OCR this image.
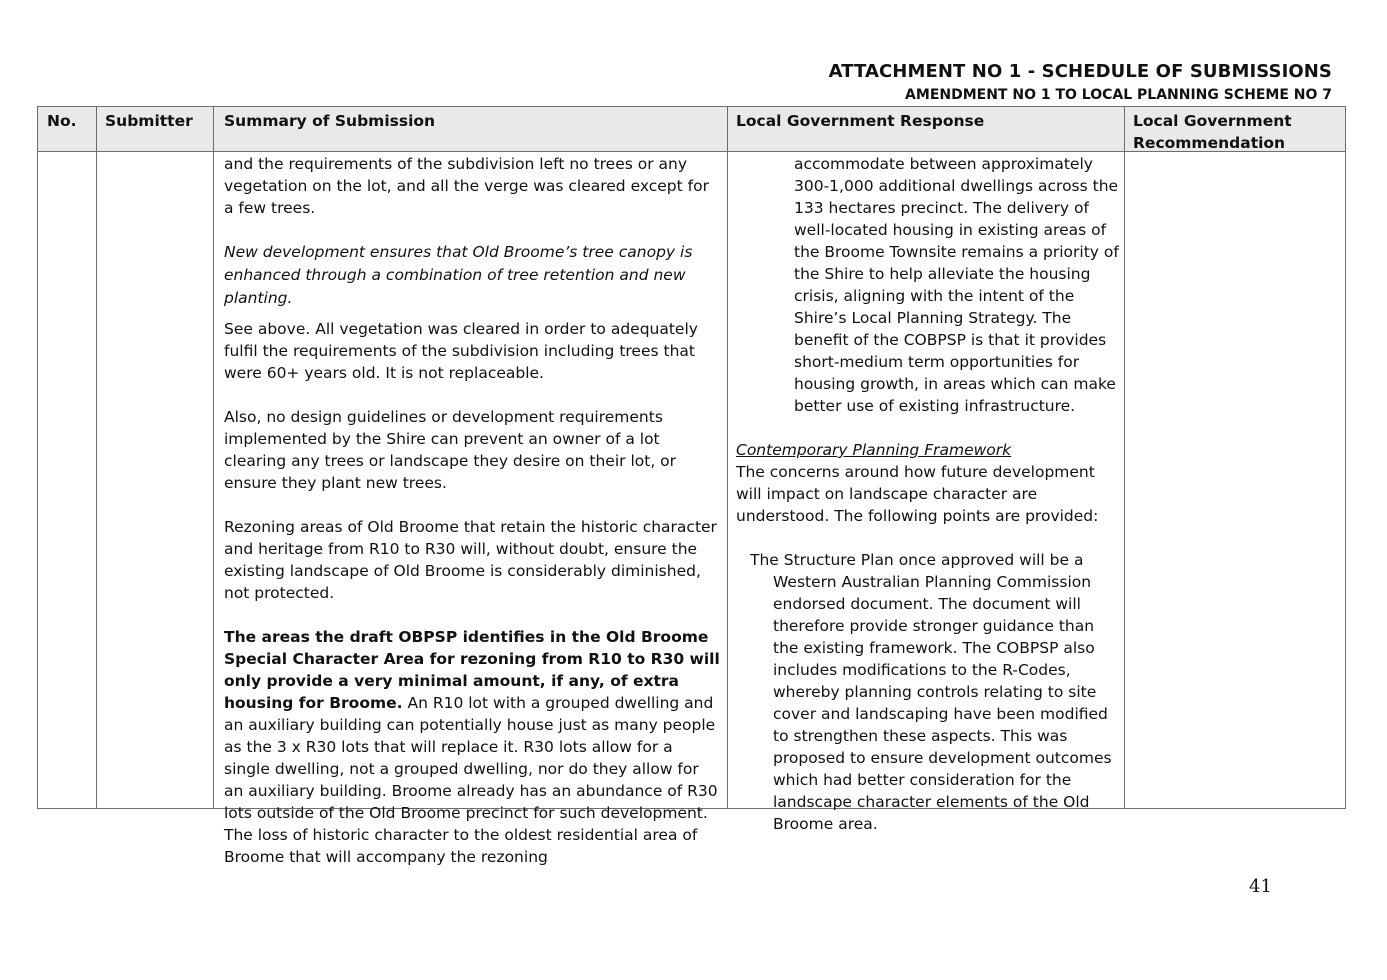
ATTACHMENT NO 1 - SCHEDULE OF SUBMISSIONS
AMENDMENT NO 1 TO LOCAL PLANNING SCHEME NO 7
No. Submitter Summary of Submission	Local Government Response	Local Government Recommendation

and the requirements of the subdivision left no trees or any vegetation on the lot, and all the verge was cleared except for a few trees.

New development ensures that Old Broome’s tree canopy is enhanced through a combination of tree retention and new planting.

See above. All vegetation was cleared in order to adequately fulfil the requirements of the subdivision including trees that were 60+ years old. It is not replaceable.

Also, no design guidelines or development requirements implemented by the Shire can prevent an owner of a lot clearing any trees or landscape they desire on their lot, or ensure they plant new trees.

Rezoning areas of Old Broome that retain the historic character and heritage from R10 to R30 will, without doubt, ensure the existing landscape of Old Broome is considerably diminished, not protected.

The areas the draft OBPSP identifies in the Old Broome Special Character Area for rezoning from R10 to R30 will only provide a very minimal amount, if any, of extra housing for Broome. An R10 lot with a grouped dwelling and an auxiliary building can potentially house just as many people as the 3 x R30 lots that will replace it. R30 lots allow for a single dwelling, not a grouped dwelling, nor do they allow for an auxiliary building. Broome already has an abundance of R30 lots outside of the Old Broome precinct for such development. The loss of historic character to the oldest residential area of Broome that will accompany the rezoning

accommodate between approximately 300-1,000 additional dwellings across the 133 hectares precinct. The delivery of well-located housing in existing areas of the Broome Townsite remains a priority of the Shire to help alleviate the housing crisis, aligning with the intent of the Shire’s Local Planning Strategy. The benefit of the COBPSP is that it provides short-medium term opportunities for housing growth, in areas which can make better use of existing infrastructure.

Contemporary Planning Framework

The concerns around how future development will impact on landscape character are understood. The following points are provided:

The Structure Plan once approved will be a Western Australian Planning Commission endorsed document. The document will therefore provide stronger guidance than the existing framework. The COBPSP also includes modifications to the R-Codes, whereby planning controls relating to site cover and landscaping have been modified to strengthen these aspects. This was proposed to ensure development outcomes which had better consideration for the landscape character elements of the Old Broome area.

41
